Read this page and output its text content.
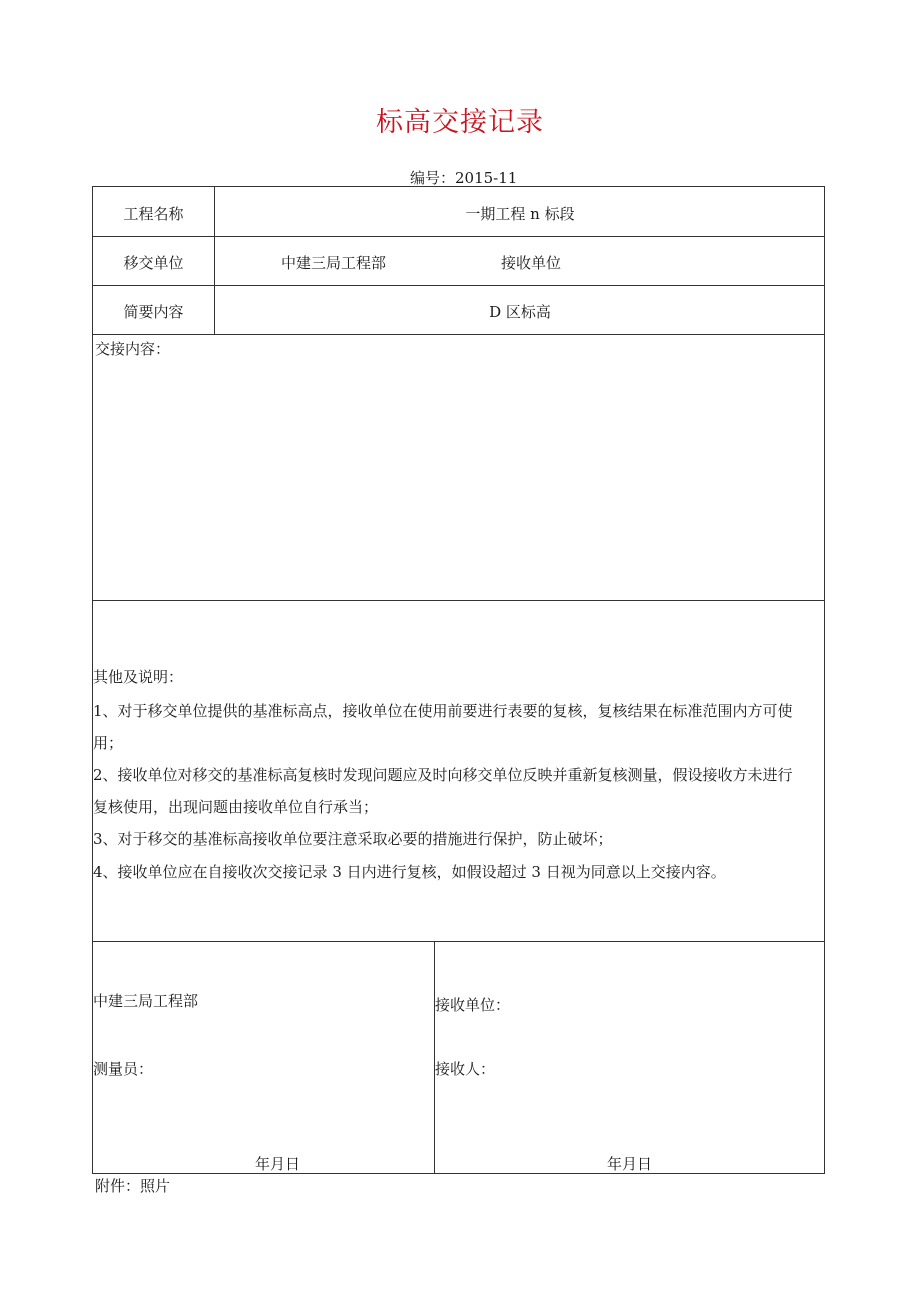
标高交接记录
编号：2015-11
工程名称	一期工程 n 标段
移交单位	中建三局工程部	接收单位
简要内容	D 区标高
交接内容：
其他及说明：
1、对于移交单位提供的基准标高点，接收单位在使用前要进行表要的复核，复核结果在标准范围内方可使
用；
2、接收单位对移交的基准标高复核时发现问题应及时向移交单位反映并重新复核测量，假设接收方未进行
复核使用，出现问题由接收单位自行承当；
3、对于移交的基准标高接收单位要注意采取必要的措施进行保护，防止破坏；
4、接收单位应在自接收次交接记录 3 日内进行复核，如假设超过 3 日视为同意以上交接内容。
中建三局工程部
测量员：
年月日
接收单位：
接收人：
年月日
附件：照片
